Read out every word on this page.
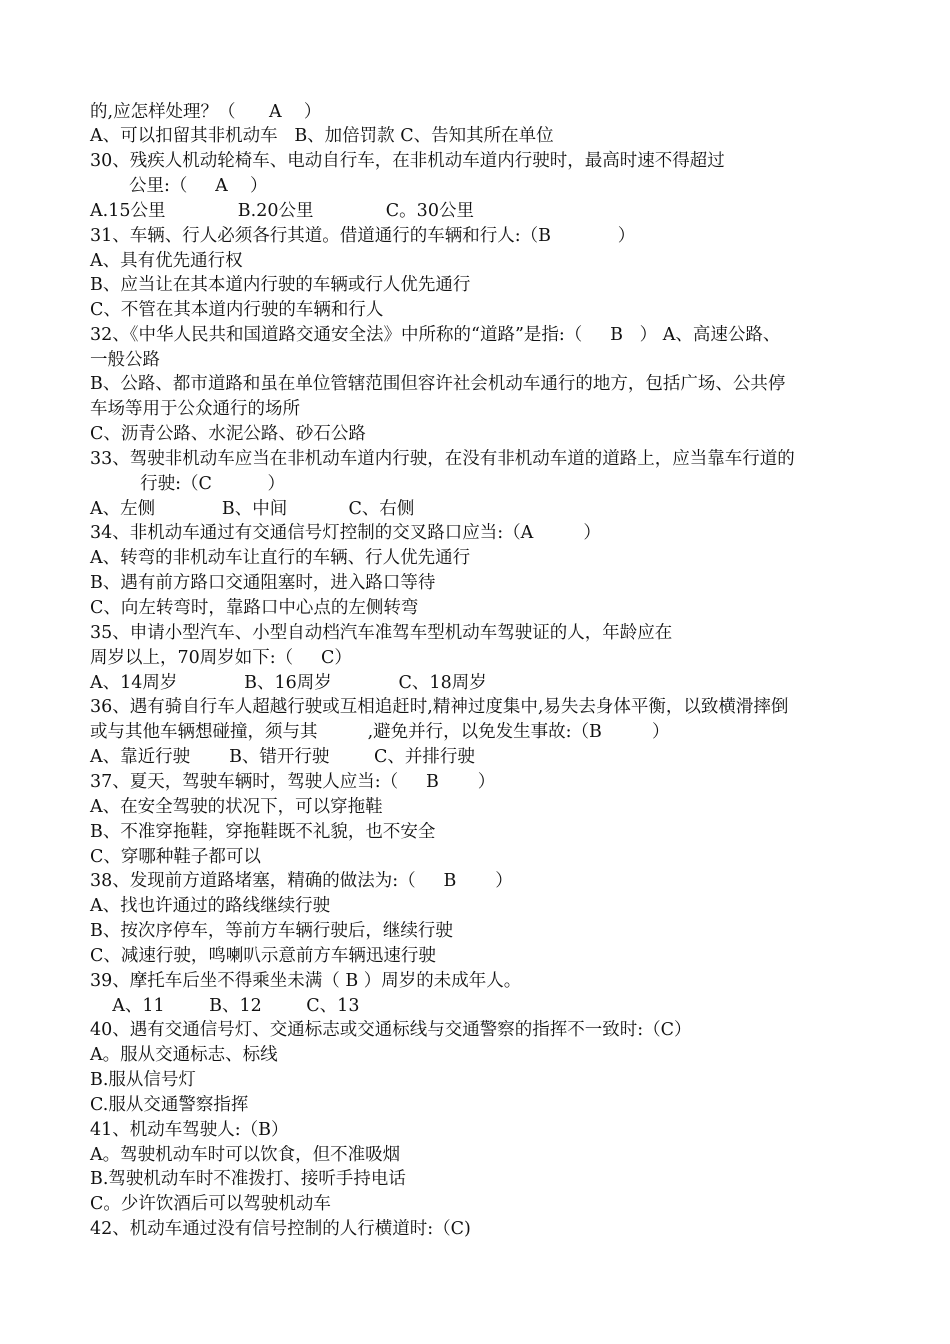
的,应怎样处理？（      A    ）
A、可以扣留其非机动车   B、加倍罚款 C、告知其所在单位
30、残疾人机动轮椅车、电动自行车，在非机动车道内行驶时，最高时速不得超过
公里:（     A    ）
A.15公里             B.20公里             C。30公里
31、车辆、行人必须各行其道。借道通行的车辆和行人:（B            ）
A、具有优先通行权
B、应当让在其本道内行驶的车辆或行人优先通行
C、不管在其本道内行驶的车辆和行人
32、《中华人民共和国道路交通安全法》中所称的“道路”是指:（     B   ） A、高速公路、
一般公路
B、公路、都市道路和虽在单位管辖范围但容许社会机动车通行的地方，包括广场、公共停
车场等用于公众通行的场所
C、沥青公路、水泥公路、砂石公路
33、驾驶非机动车应当在非机动车道内行驶，在没有非机动车道的道路上，应当靠车行道的
行驶:（C          ）
A、左侧            B、中间           C、右侧
34、非机动车通过有交通信号灯控制的交叉路口应当:（A         ）
A、转弯的非机动车让直行的车辆、行人优先通行
B、遇有前方路口交通阻塞时，进入路口等待
C、向左转弯时，靠路口中心点的左侧转弯
35、申请小型汽车、小型自动档汽车准驾车型机动车驾驶证的人，年龄应在
周岁以上，70周岁如下:（     C）
A、14周岁            B、16周岁            C、18周岁
36、遇有骑自行车人超越行驶或互相追赶时,精神过度集中,易失去身体平衡，以致横滑摔倒
或与其他车辆想碰撞，须与其         ,避免并行，以免发生事故:（B         ）
A、靠近行驶       B、错开行驶        C、并排行驶
37、夏天，驾驶车辆时，驾驶人应当:（     B       ）
A、在安全驾驶的状况下，可以穿拖鞋
B、不准穿拖鞋，穿拖鞋既不礼貌，也不安全
C、穿哪种鞋子都可以
38、发现前方道路堵塞，精确的做法为:（     B       ）
A、找也许通过的路线继续行驶
B、按次序停车，等前方车辆行驶后，继续行驶
C、减速行驶，鸣喇叭示意前方车辆迅速行驶
39、摩托车后坐不得乘坐未满（ B ）周岁的未成年人。
A、11        B、12        C、13
40、遇有交通信号灯、交通标志或交通标线与交通警察的指挥不一致时:（C）
A。服从交通标志、标线
B.服从信号灯
C.服从交通警察指挥
41、机动车驾驶人:（B）
A。驾驶机动车时可以饮食，但不准吸烟
B.驾驶机动车时不准拨打、接听手持电话
C。少许饮酒后可以驾驶机动车
42、机动车通过没有信号控制的人行横道时:（C)
